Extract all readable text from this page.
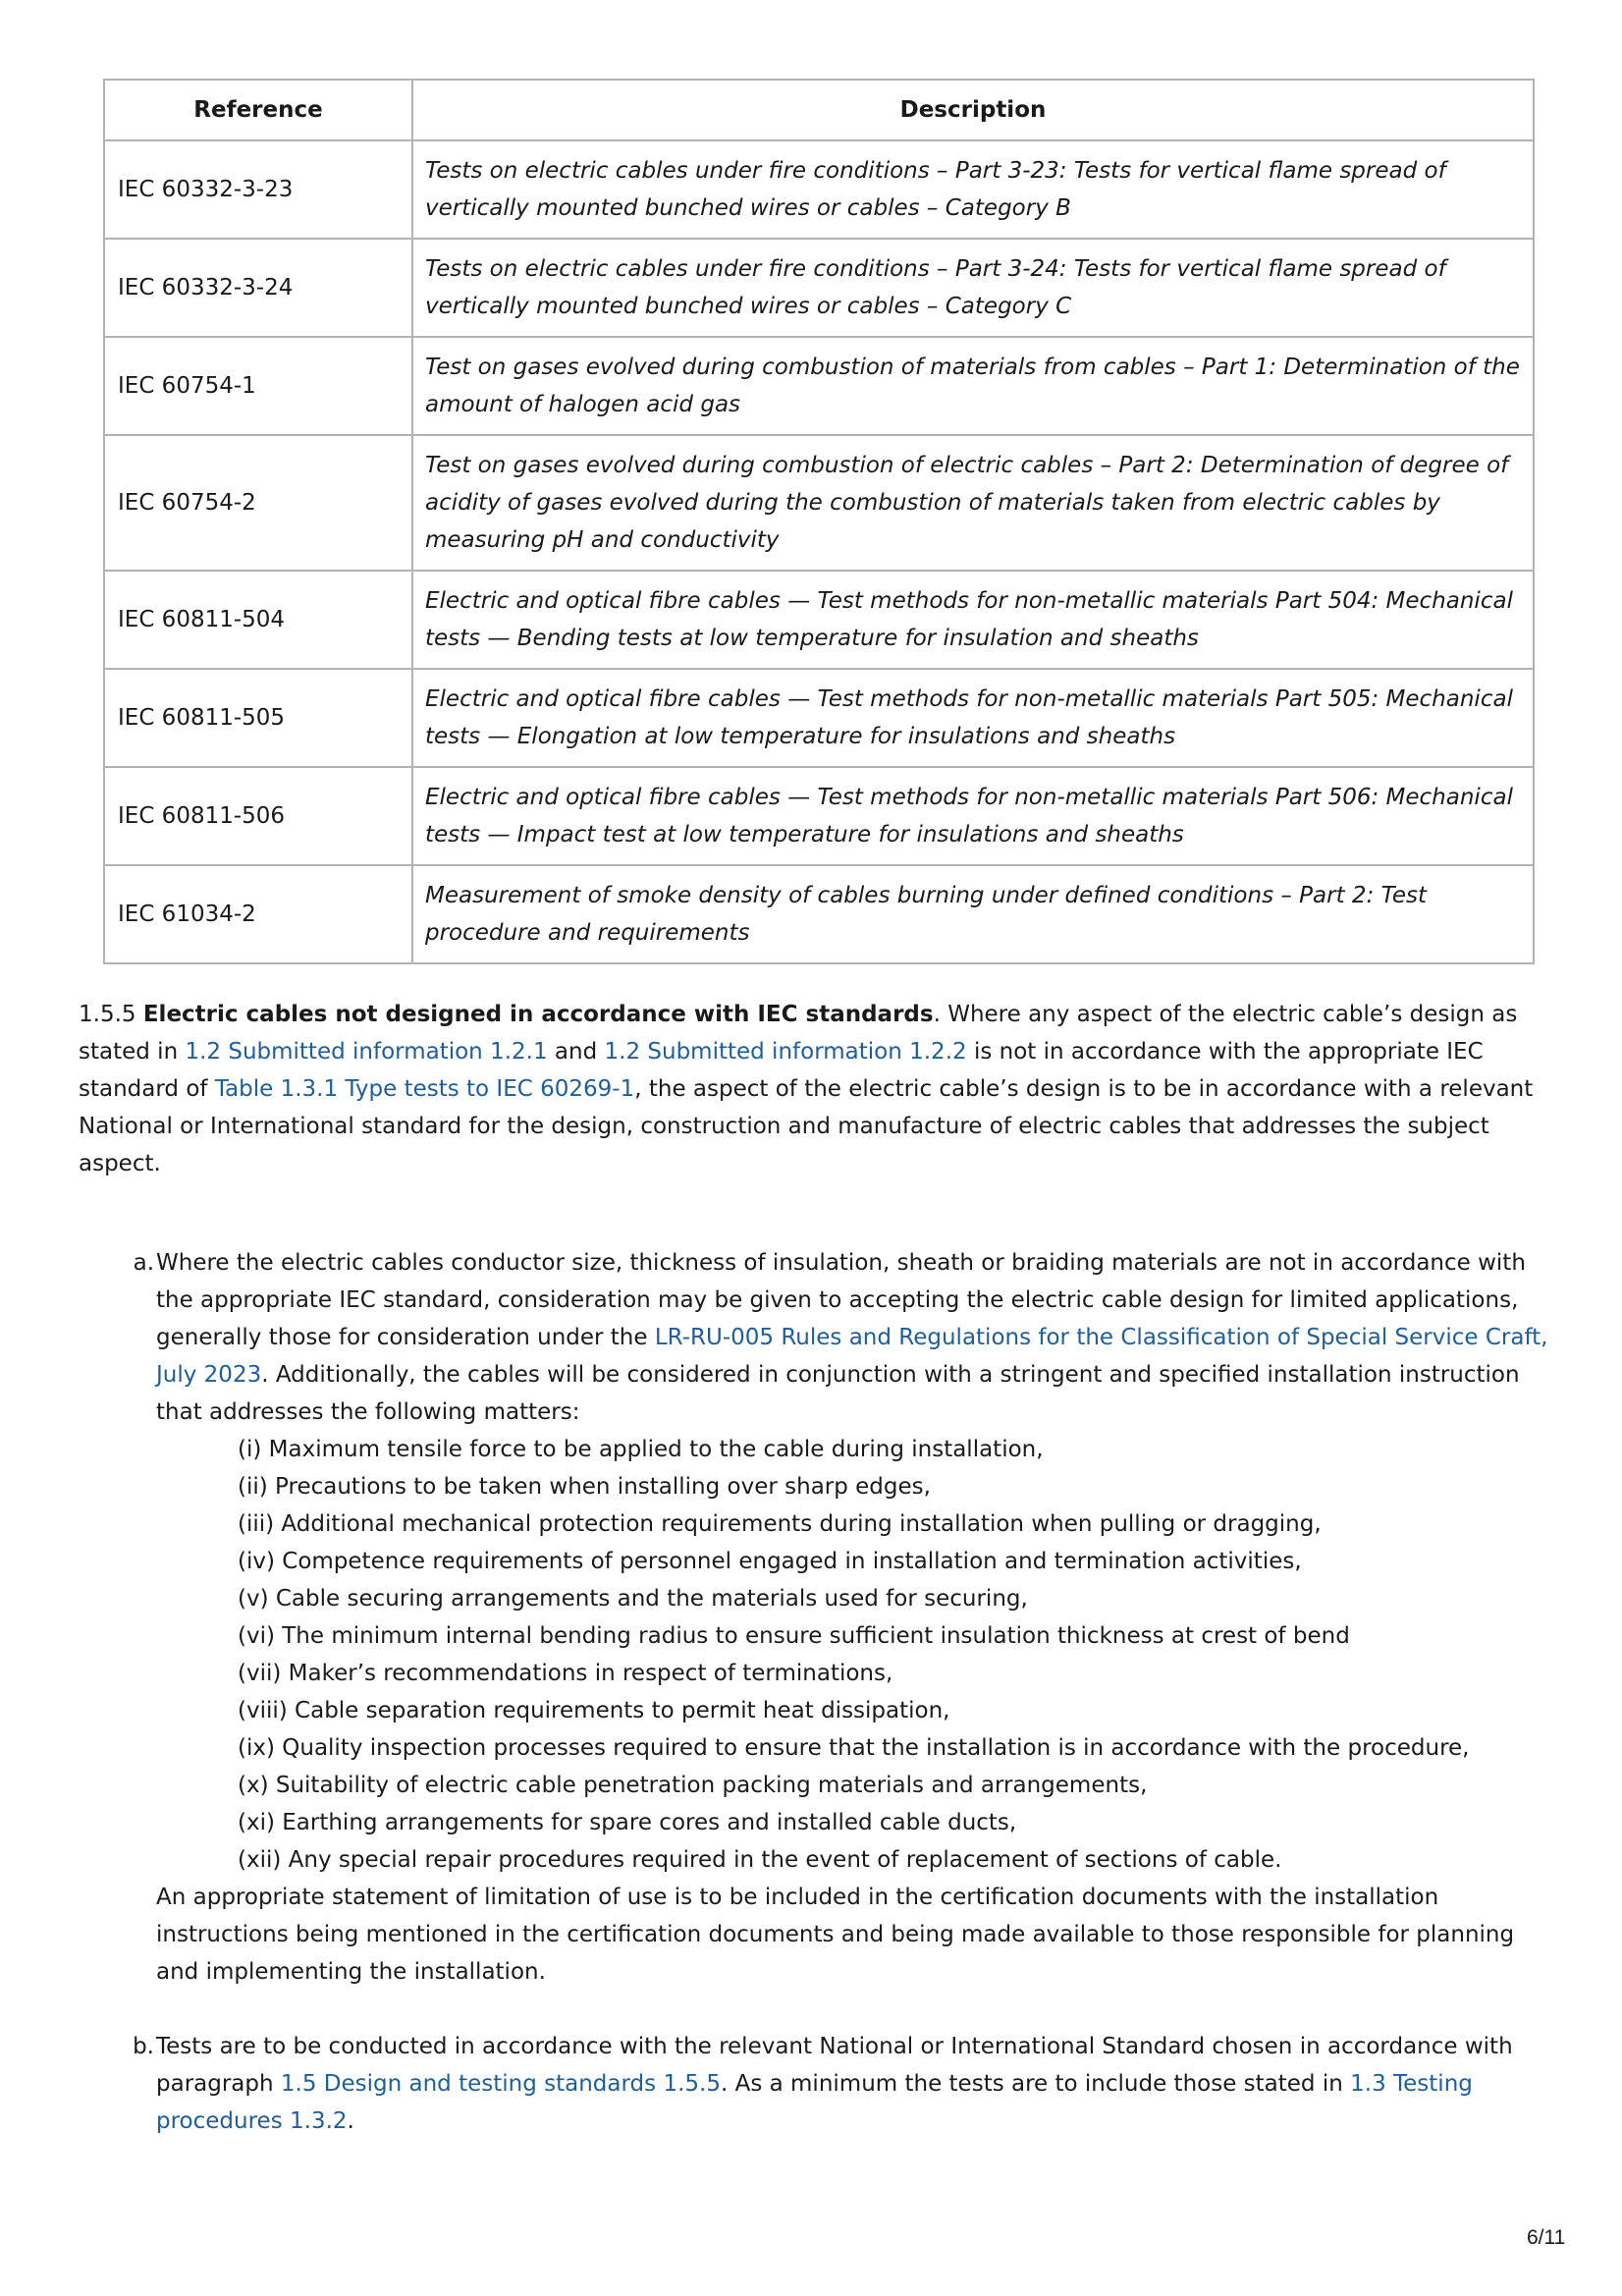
Reference	Description
IEC 60332-3-23	Tests on electric cables under fire conditions – Part 3-23: Tests for vertical flame spread of vertically mounted bunched wires or cables – Category B
IEC 60332-3-24	Tests on electric cables under fire conditions – Part 3-24: Tests for vertical flame spread of vertically mounted bunched wires or cables – Category C
IEC 60754-1	Test on gases evolved during combustion of materials from cables – Part 1: Determination of the amount of halogen acid gas
IEC 60754-2	Test on gases evolved during combustion of electric cables – Part 2: Determination of degree of acidity of gases evolved during the combustion of materials taken from electric cables by measuring pH and conductivity
IEC 60811-504	Electric and optical fibre cables — Test methods for non-metallic materials Part 504: Mechanical tests — Bending tests at low temperature for insulation and sheaths
IEC 60811-505	Electric and optical fibre cables — Test methods for non-metallic materials Part 505: Mechanical tests — Elongation at low temperature for insulations and sheaths
IEC 60811-506	Electric and optical fibre cables — Test methods for non-metallic materials Part 506: Mechanical tests — Impact test at low temperature for insulations and sheaths
IEC 61034-2	Measurement of smoke density of cables burning under defined conditions – Part 2: Test procedure and requirements

1.5.5 Electric cables not designed in accordance with IEC standards. Where any aspect of the electric cable’s design as stated in 1.2 Submitted information 1.2.1 and 1.2 Submitted information 1.2.2 is not in accordance with the appropriate IEC standard of Table 1.3.1 Type tests to IEC 60269-1, the aspect of the electric cable’s design is to be in accordance with a relevant National or International standard for the design, construction and manufacture of electric cables that addresses the subject aspect.

a. Where the electric cables conductor size, thickness of insulation, sheath or braiding materials are not in accordance with the appropriate IEC standard, consideration may be given to accepting the electric cable design for limited applications, generally those for consideration under the LR-RU-005 Rules and Regulations for the Classification of Special Service Craft, July 2023. Additionally, the cables will be considered in conjunction with a stringent and specified installation instruction that addresses the following matters:

(i) Maximum tensile force to be applied to the cable during installation,
(ii) Precautions to be taken when installing over sharp edges,
(iii) Additional mechanical protection requirements during installation when pulling or dragging,
(iv) Competence requirements of personnel engaged in installation and termination activities,
(v) Cable securing arrangements and the materials used for securing,
(vi) The minimum internal bending radius to ensure sufficient insulation thickness at crest of bend
(vii) Maker’s recommendations in respect of terminations,
(viii) Cable separation requirements to permit heat dissipation,
(ix) Quality inspection processes required to ensure that the installation is in accordance with the procedure,
(x) Suitability of electric cable penetration packing materials and arrangements,
(xi) Earthing arrangements for spare cores and installed cable ducts,
(xii) Any special repair procedures required in the event of replacement of sections of cable.

An appropriate statement of limitation of use is to be included in the certification documents with the installation instructions being mentioned in the certification documents and being made available to those responsible for planning and implementing the installation.

b. Tests are to be conducted in accordance with the relevant National or International Standard chosen in accordance with paragraph 1.5 Design and testing standards 1.5.5. As a minimum the tests are to include those stated in 1.3 Testing procedures 1.3.2.

6/11
